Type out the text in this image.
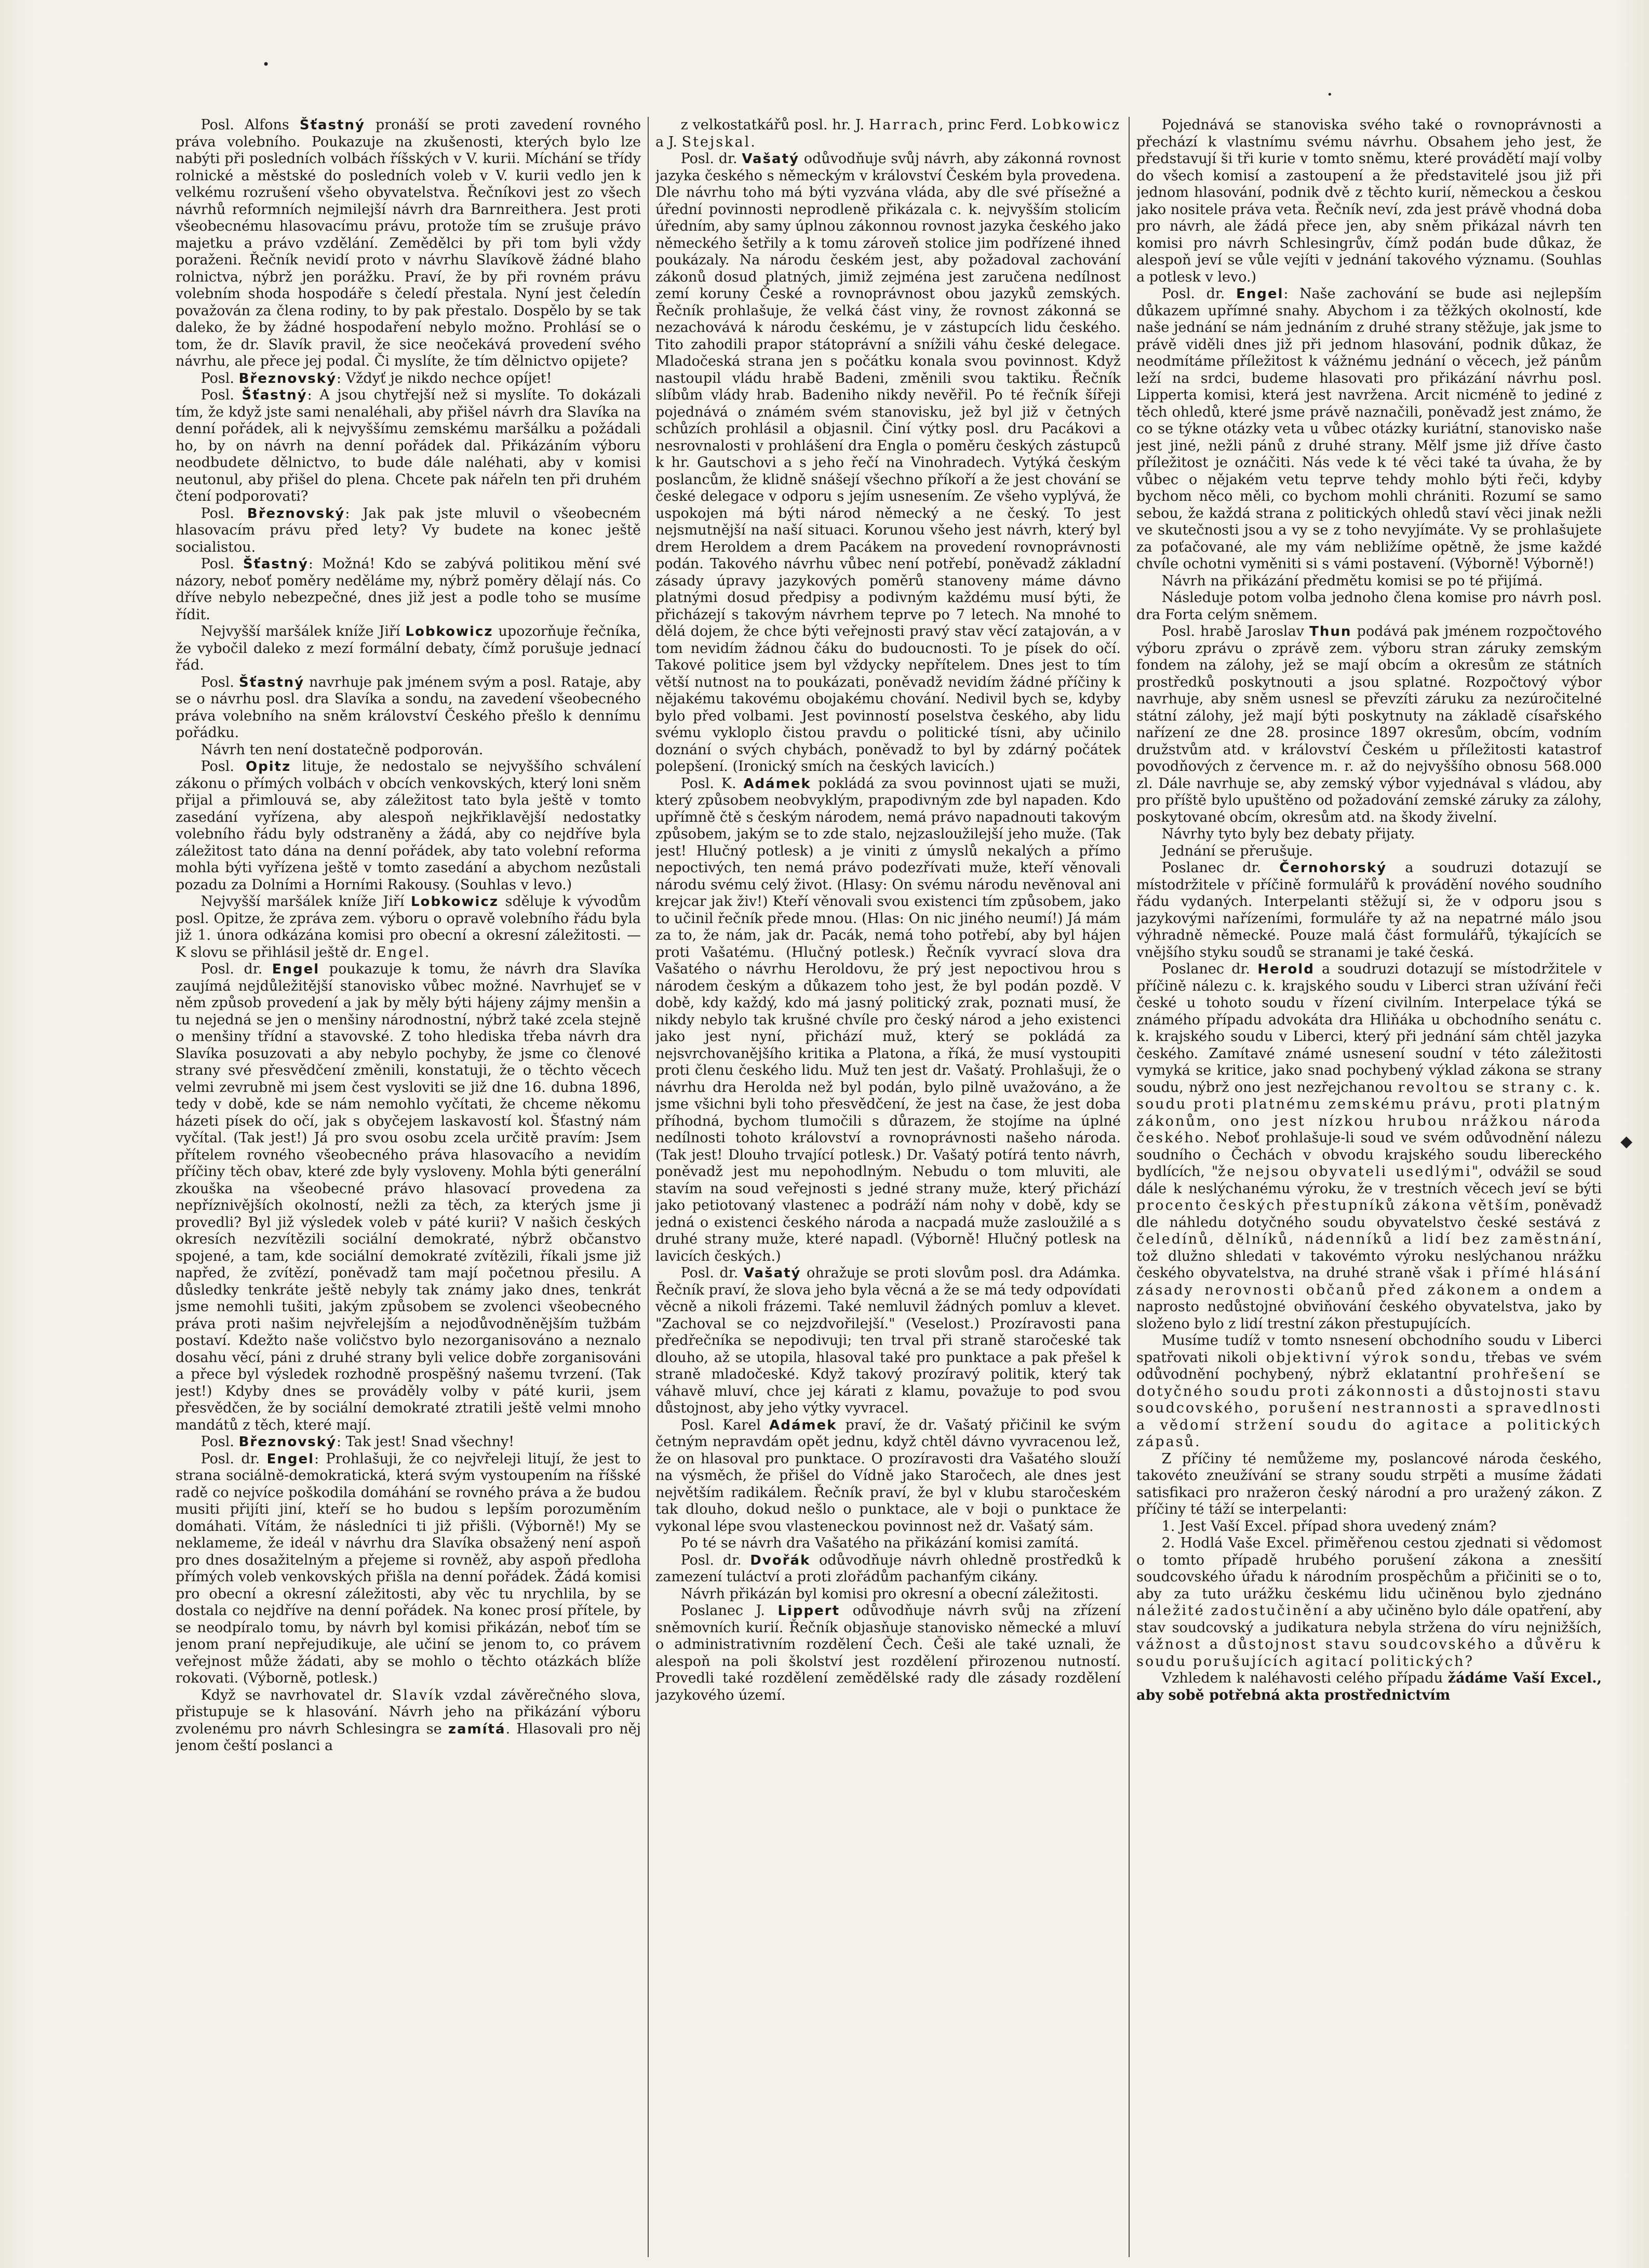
•
•
◆

Posl. Alfons Šťastný pronáší se proti zavedení rovného práva volebního. Poukazuje na zkušenosti, kterých bylo lze nabýti při posledních volbách říšských v V. kurii. Míchání se třídy rolnické a městské do posledních voleb v V. kurii vedlo jen k velkému rozrušení všeho obyvatelstva. Řečníkovi jest zo všech návrhů reformních nejmilejší návrh dra Barnreithera. Jest proti všeobecnému hlasovacímu právu, protože tím se zrušuje právo majetku a právo vzdělání. Zemědělci by při tom byli vždy poraženi. Řečník nevidí proto v návrhu Slavíkově žádné blaho rolnictva, nýbrž jen porážku. Praví, že by při rovném právu volebním shoda hospodáře s čeledí přestala. Nyní jest čeledín považován za člena rodiny, to by pak přestalo. Dospělo by se tak daleko, že by žádné hospodaření nebylo možno. Prohlásí se o tom, že dr. Slavík pravil, že sice neočekává provedení svého návrhu, ale přece jej podal. Či myslíte, že tím dělnictvo opijete?

Posl. Březnovský: Vždyť je nikdo nechce opíjet!

Posl. Šťastný: A jsou chytřejší než si myslíte. To dokázali tím, že když jste sami nenaléhali, aby přišel návrh dra Slavíka na denní pořádek, ali k nejvyššímu zemskému maršálku a požádali ho, by on návrh na denní pořádek dal. Přikázáním výboru neodbudete dělnictvo, to bude dále naléhati, aby v komisi neutonul, aby přišel do plena. Chcete pak nářeln ten při druhém čtení podporovati?

Posl. Březnovský: Jak pak jste mluvil o všeobecném hlasovacím právu před lety? Vy budete na konec ještě socialistou.

Posl. Šťastný: Možná! Kdo se zabývá politikou mění své názory, neboť poměry neděláme my, nýbrž poměry dělají nás. Co dříve nebylo nebezpečné, dnes již jest a podle toho se musíme řídit.

Nejvyšší maršálek kníže Jiří Lobkowicz upozorňuje řečníka, že vybočil daleko z mezí formální debaty, čímž porušuje jednací řád.

Posl. Šťastný navrhuje pak jménem svým a posl. Rataje, aby se o návrhu posl. dra Slavíka a sondu, na zavedení všeobecného práva volebního na sněm království Českého přešlo k dennímu pořádku.

Návrh ten není dostatečně podporován.

Posl. Opitz lituje, že nedostalo se nejvyššího schválení zákonu o přímých volbách v obcích venkovských, který loni sněm přijal a přimlouvá se, aby záležitost tato byla ještě v tomto zasedání vyřízena, aby alespoň nejkřiklavější nedostatky volebního řádu byly odstraněny a žádá, aby co nejdříve byla záležitost tato dána na denní pořádek, aby tato volební reforma mohla býti vyřízena ještě v tomto zasedání a abychom nezůstali pozadu za Dolními a Horními Rakousy. (Souhlas v levo.)

Nejvyšší maršálek kníže Jiří Lobkowicz sděluje k vývodům posl. Opitze, že zpráva zem. výboru o opravě volebního řádu byla již 1. února odkázána komisi pro obecní a okresní záležitosti. — K slovu se přihlásil ještě dr. Engel.

Posl. dr. Engel poukazuje k tomu, že návrh dra Slavíka zaujímá nejdůležitější stanovisko vůbec možné. Navrhujeť se v něm způsob provedení a jak by měly býti hájeny zájmy menšin a tu nejedná se jen o menšiny národnostní, nýbrž také zcela stejně o menšiny třídní a stavovské. Z toho hlediska třeba návrh dra Slavíka posuzovati a aby nebylo pochyby, že jsme co členové strany své přesvědčení změnili, konstatuji, že o těchto věcech velmi zevrubně mi jsem čest vysloviti se již dne 16. dubna 1896, tedy v době, kde se nám nemohlo vyčítati, že chceme někomu házeti písek do očí, jak s obyčejem laskavostí kol. Šťastný nám vyčítal. (Tak jest!) Já pro svou osobu zcela určitě pravím: Jsem přítelem rovného všeobecného práva hlasovacího a nevidím příčiny těch obav, které zde byly vysloveny. Mohla býti generální zkouška na všeobecné právo hlasovací provedena za nepříznivějších okolností, nežli za těch, za kterých jsme ji provedli? Byl již výsledek voleb v páté kurii? V našich českých okresích nezvítězili sociální demokraté, nýbrž občanstvo spojené, a tam, kde sociální demokraté zvítězili, říkali jsme již napřed, že zvítězí, poněvadž tam mají početnou přesilu. A důsledky tenkráte ještě nebyly tak známy jako dnes, tenkrát jsme nemohli tušiti, jakým způsobem se zvolenci všeobecného práva proti našim nejvřelejším a nejodůvodněnějším tužbám postaví. Kdežto naše voličstvo bylo nezorganisováno a neznalo dosahu věcí, páni z druhé strany byli velice dobře zorganisováni a přece byl výsledek rozhodně prospěšný našemu tvrzení. (Tak jest!) Kdyby dnes se prováděly volby v páté kurii, jsem přesvědčen, že by sociální demokraté ztratili ještě velmi mnoho mandátů z těch, které mají.

Posl. Březnovský: Tak jest! Snad všechny!

Posl. dr. Engel: Prohlašuji, že co nejvřeleji litují, že jest to strana sociálně-demokratická, která svým vystoupením na říšské radě co nejvíce poškodila domáhání se rovného práva a že budou musiti přijíti jiní, kteří se ho budou s lepším porozuměním domáhati. Vítám, že následníci ti již přišli. (Výborně!) My se neklameme, že ideál v návrhu dra Slavíka obsažený není aspoň pro dnes dosažitelným a přejeme si rovněž, aby aspoň předloha přímých voleb venkovských přišla na denní pořádek. Žádá komisi pro obecní a okresní záležitosti, aby věc tu nrychlila, by se dostala co nejdříve na denní pořádek. Na konec prosí přítele, by se neodpíralo tomu, by návrh byl komisi přikázán, neboť tím se jenom praní nepřejudikuje, ale učiní se jenom to, co právem veřejnost může žádati, aby se mohlo o těchto otázkách blíže rokovati. (Výborně, potlesk.)

Když se navrhovatel dr. Slavík vzdal závěrečného slova, přistupuje se k hlasování. Návrh jeho na přikázání výboru zvolenému pro návrh Schlesingra se zamítá. Hlasovali pro něj jenom čeští poslanci a

z velkostatkářů posl. hr. J. Harrach, princ Ferd. Lobkowicz a J. Stejskal.

Posl. dr. Vašatý odůvodňuje svůj návrh, aby zákonná rovnost jazyka českého s německým v království Českém byla provedena. Dle návrhu toho má býti vyzvána vláda, aby dle své přísežné a úřední povinnosti neprodleně přikázala c. k. nejvyšším stolicím úředním, aby samy úplnou zákonnou rovnost jazyka českého jako německého šetřily a k tomu zároveň stolice jim podřízené ihned poukázaly. Na národu českém jest, aby požadoval zachování zákonů dosud platných, jimiž zejména jest zaručena nedílnost zemí koruny České a rovnoprávnost obou jazyků zemských. Řečník prohlašuje, že velká část viny, že rovnost zákonná se nezachovává k národu českému, je v zástupcích lidu českého. Tito zahodili prapor státoprávní a snížili váhu české delegace. Mladočeská strana jen s počátku konala svou povinnost. Když nastoupil vládu hrabě Badeni, změnili svou taktiku. Řečník slíbům vlády hrab. Badeniho nikdy nevěřil. Po té řečník šířeji pojednává o známém svém stanovisku, jež byl již v četných schůzích prohlásil a objasnil. Činí výtky posl. dru Pacákovi a nesrovnalosti v prohlášení dra Engla o poměru českých zástupců k hr. Gautschovi a s jeho řečí na Vinohradech. Vytýká českým poslancům, že klidně snášejí všechno příkoří a že jest chování se české delegace v odporu s jejím usnesením. Ze všeho vyplývá, že uspokojen má býti národ německý a ne český. To jest nejsmutnější na naší situaci. Korunou všeho jest návrh, který byl drem Heroldem a drem Pacákem na provedení rovnoprávnosti podán. Takového návrhu vůbec není potřebí, poněvadž základní zásady úpravy jazykových poměrů stanoveny máme dávno platnými dosud předpisy a podivným každému musí býti, že přicházejí s takovým návrhem teprve po 7 letech. Na mnohé to dělá dojem, že chce býti veřejnosti pravý stav věcí zatajován, a v tom nevidím žádnou čáku do budoucnosti. To je písek do očí. Takové politice jsem byl vždycky nepřítelem. Dnes jest to tím větší nutnost na to poukázati, poněvadž nevidím žádné příčiny k nějakému takovému obojakému chování. Nedivil bych se, kdyby bylo před volbami. Jest povinností poselstva českého, aby lidu svému vykloplo čistou pravdu o politické tísni, aby učinilo doznání o svých chybách, poněvadž to byl by zdárný počátek polepšení. (Ironický smích na českých lavicích.)

Posl. K. Adámek pokládá za svou povinnost ujati se muži, který způsobem neobvyklým, prapodivným zde byl napaden. Kdo upřímně čtě s českým národem, nemá právo napadnouti takovým způsobem, jakým se to zde stalo, nejzasloužilejší jeho muže. (Tak jest! Hlučný potlesk) a je viniti z úmyslů nekalých a přímo nepoctivých, ten nemá právo podezřívati muže, kteří věnovali národu svému celý život. (Hlasy: On svému národu nevěnoval ani krejcar jak živ!) Kteří věnovali svou existenci tím způsobem, jako to učinil řečník přede mnou. (Hlas: On nic jiného neumí!) Já mám za to, že nám, jak dr. Pacák, nemá toho potřebí, aby byl hájen proti Vašatému. (Hlučný potlesk.) Řečník vyvrací slova dra Vašatého o návrhu Heroldovu, že prý jest nepoctivou hrou s národem českým a důkazem toho jest, že byl podán pozdě. V době, kdy každý, kdo má jasný politický zrak, poznati musí, že nikdy nebylo tak krušné chvíle pro český národ a jeho existenci jako jest nyní, přichází muž, který se pokládá za nejsvrchovanějšího kritika a Platona, a říká, že musí vystoupiti proti členu českého lidu. Muž ten jest dr. Vašatý. Prohlašuji, že o návrhu dra Herolda než byl podán, bylo pilně uvažováno, a že jsme všichni byli toho přesvědčení, že jest na čase, že jest doba příhodná, bychom tlumočili s důrazem, že stojíme na úplné nedílnosti tohoto království a rovnoprávnosti našeho národa. (Tak jest! Dlouho trvající potlesk.) Dr. Vašatý potírá tento návrh, poněvadž jest mu nepohodlným. Nebudu o tom mluviti, ale stavím na soud veřejnosti s jedné strany muže, který přichází jako petiotovaný vlastenec a podráží nám nohy v době, kdy se jedná o existenci českého národa a nacpadá muže zasloužilé a s druhé strany muže, které napadl. (Výborně! Hlučný potlesk na lavicích českých.)

Posl. dr. Vašatý ohražuje se proti slovům posl. dra Adámka. Řečník praví, že slova jeho byla věcná a že se má tedy odpovídati věcně a nikoli frázemi. Také nemluvil žádných pomluv a klevet. "Zachoval se co nejzdvořilejší." (Veselost.) Prozíravosti pana předřečníka se nepodivuji; ten trval při straně staročeské tak dlouho, až se utopila, hlasoval také pro punktace a pak přešel k straně mladočeské. Když takový prozíravý politik, který tak váhavě mluví, chce jej kárati z klamu, považuje to pod svou důstojnost, aby jeho výtky vyvracel.

Posl. Karel Adámek praví, že dr. Vašatý přičinil ke svým četným nepravdám opět jednu, když chtěl dávno vyvracenou lež, že on hlasoval pro punktace. O prozíravosti dra Vašatého slouží na výsměch, že přišel do Vídně jako Staročech, ale dnes jest největším radikálem. Řečník praví, že byl v klubu staročeském tak dlouho, dokud nešlo o punktace, ale v boji o punktace že vykonal lépe svou vlasteneckou povinnost než dr. Vašatý sám.

Po té se návrh dra Vašatého na přikázání komisi zamítá.

Posl. dr. Dvořák odůvodňuje návrh ohledně prostředků k zamezení tuláctví a proti zlořádům pachanfým cikány.

Návrh přikázán byl komisi pro okresní a obecní záležitosti.

Poslanec J. Lippert odůvodňuje návrh svůj na zřízení sněmovních kurií. Řečník objasňuje stanovisko německé a mluví o administrativním rozdělení Čech. Češi ale také uznali, že alespoň na poli školství jest rozdělení přirozenou nutností. Provedli také rozdělení zemědělské rady dle zásady rozdělení jazykového území.

Pojednává se stanoviska svého také o rovnoprávnosti a přechází k vlastnímu svému návrhu. Obsahem jeho jest, že představují ši tři kurie v tomto sněmu, které provádětí mají volby do všech komisí a zastoupení a že představitelé jsou již při jednom hlasování, podnik dvě z těchto kurií, německou a českou jako nositele práva veta. Řečník neví, zda jest právě vhodná doba pro návrh, ale žádá přece jen, aby sněm přikázal návrh ten komisi pro návrh Schlesingrův, čímž podán bude důkaz, že alespoň jeví se vůle vejíti v jednání takového významu. (Souhlas a potlesk v levo.)

Posl. dr. Engel: Naše zachování se bude asi nejlepším důkazem upřímné snahy. Abychom i za těžkých okolností, kde naše jednání se nám jednáním z druhé strany stěžuje, jak jsme to právě viděli dnes již při jednom hlasování, podnik důkaz, že neodmítáme příležitost k vážnému jednání o věcech, jež pánům leží na srdci, budeme hlasovati pro přikázání návrhu posl. Lipperta komisi, která jest navržena. Arcit nicméně to jediné z těch ohledů, které jsme právě naznačili, poněvadž jest známo, že co se týkne otázky veta u vůbec otázky kuriátní, stanovisko naše jest jiné, nežli pánů z druhé strany. Mělf jsme již dříve často příležitost je oznáčiti. Nás vede k té věci také ta úvaha, že by vůbec o nějakém vetu teprve tehdy mohlo býti řeči, kdyby bychom něco měli, co bychom mohli chrániti. Rozumí se samo sebou, že každá strana z politických ohledů staví věci jinak nežli ve skutečnosti jsou a vy se z toho nevyjímáte. Vy se prohlašujete za poťačované, ale my vám nebližíme opětně, že jsme každé chvíle ochotni vyměniti si s vámi postavení. (Výborně! Výborně!)

Návrh na přikázání předmětu komisi se po té přijímá.

Následuje potom volba jednoho člena komise pro návrh posl. dra Forta celým sněmem.

Posl. hrabě Jaroslav Thun podává pak jménem rozpočtového výboru zprávu o zprávě zem. výboru stran záruky zemským fondem na zálohy, jež se mají obcím a okresům ze státních prostředků poskytnouti a jsou splatné. Rozpočtový výbor navrhuje, aby sněm usnesl se převzíti záruku za nezúročitelné státní zálohy, jež mají býti poskytnuty na základě císařského nařízení ze dne 28. prosince 1897 okresům, obcím, vodním družstvům atd. v království Českém u příležitosti katastrof povodňových z července m. r. až do nejvyššího obnosu 568.000 zl. Dále navrhuje se, aby zemský výbor vyjednával s vládou, aby pro příště bylo upuštěno od požadování zemské záruky za zálohy, poskytované obcím, okresům atd. na škody živelní.

Návrhy tyto byly bez debaty přijaty.

Jednání se přerušuje.

Poslanec dr. Černohorský a soudruzi dotazují se místodržitele v příčině formulářů k provádění nového soudního řádu vydaných. Interpelanti stěžují si, že v odporu jsou s jazykovými nařízeními, formuláře ty až na nepatrné málo jsou výhradně německé. Pouze malá část formulářů, týkajících se vnějšího styku soudů se stranami je také česká.

Poslanec dr. Herold a soudruzi dotazují se místodržitele v příčině nálezu c. k. krajského soudu v Liberci stran užívání řeči české u tohoto soudu v řízení civilním. Interpelace týká se známého případu advokáta dra Hliňáka u obchodního senátu c. k. krajského soudu v Liberci, který při jednání sám chtěl jazyka českého. Zamítavé známé usnesení soudní v této záležitosti vymyká se kritice, jako snad pochybený výklad zákona se strany soudu, nýbrž ono jest nezřejchanou revoltou se strany c. k. soudu proti platnému zemskému právu, proti platným zákonům, ono jest nízkou hrubou nrážkou národa českého. Neboť prohlašuje-li soud ve svém odůvodnění nálezu soudního o Čechách v obvodu krajského soudu libereckého bydlících, "že nejsou obyvateli usedlými", odvážil se soud dále k neslýchanému výroku, že v trestních věcech jeví se býti procento českých přestupníků zákona větším, poněvadž dle náhledu dotyčného soudu obyvatelstvo české sestává z čeledínů, dělníků, nádenníků a lidí bez zaměstnání, tož dlužno shledati v takovémto výroku neslýchanou nrážku českého obyvatelstva, na druhé straně však i přímé hlásání zásady nerovnosti občanů před zákonem a ondem a naprosto nedůstojné obviňování českého obyvatelstva, jako by složeno bylo z lidí trestní zákon přestupujících.

Musíme tudíž v tomto nsnesení obchodního soudu v Liberci spatřovati nikoli objektivní výrok sondu, třebas ve svém odůvodnění pochybený, nýbrž eklatantní prohřešení se dotyčného soudu proti zákonnosti a důstojnosti stavu soudcovského, porušení nestrannosti a spravedlnosti a vědomí stržení soudu do agitace a politických zápasů.

Z příčiny té nemůžeme my, poslancové národa českého, takovéto zneužívání se strany soudu strpěti a musíme žádati satisfikaci pro nražeron český národní a pro uražený zákon. Z příčiny té táží se interpelanti:

1. Jest Vaší Excel. případ shora uvedený znám?

2. Hodlá Vaše Excel. přiměřenou cestou zjednati si vědomost o tomto případě hrubého porušení zákona a znesšití soudcovského úřadu k národním prospěchům a přičiniti se o to, aby za tuto urážku českému lidu učiněnou bylo zjednáno náležité zadostučinění a aby učiněno bylo dále opatření, aby stav soudcovský a judikatura nebyla stržena do víru nejnižších, vážnost a důstojnost stavu soudcovského a důvěru k soudu porušujících agitací politických?

Vzhledem k naléhavosti celého případu žádáme Vaší Excel., aby sobě potřebná akta prostřednictvím
